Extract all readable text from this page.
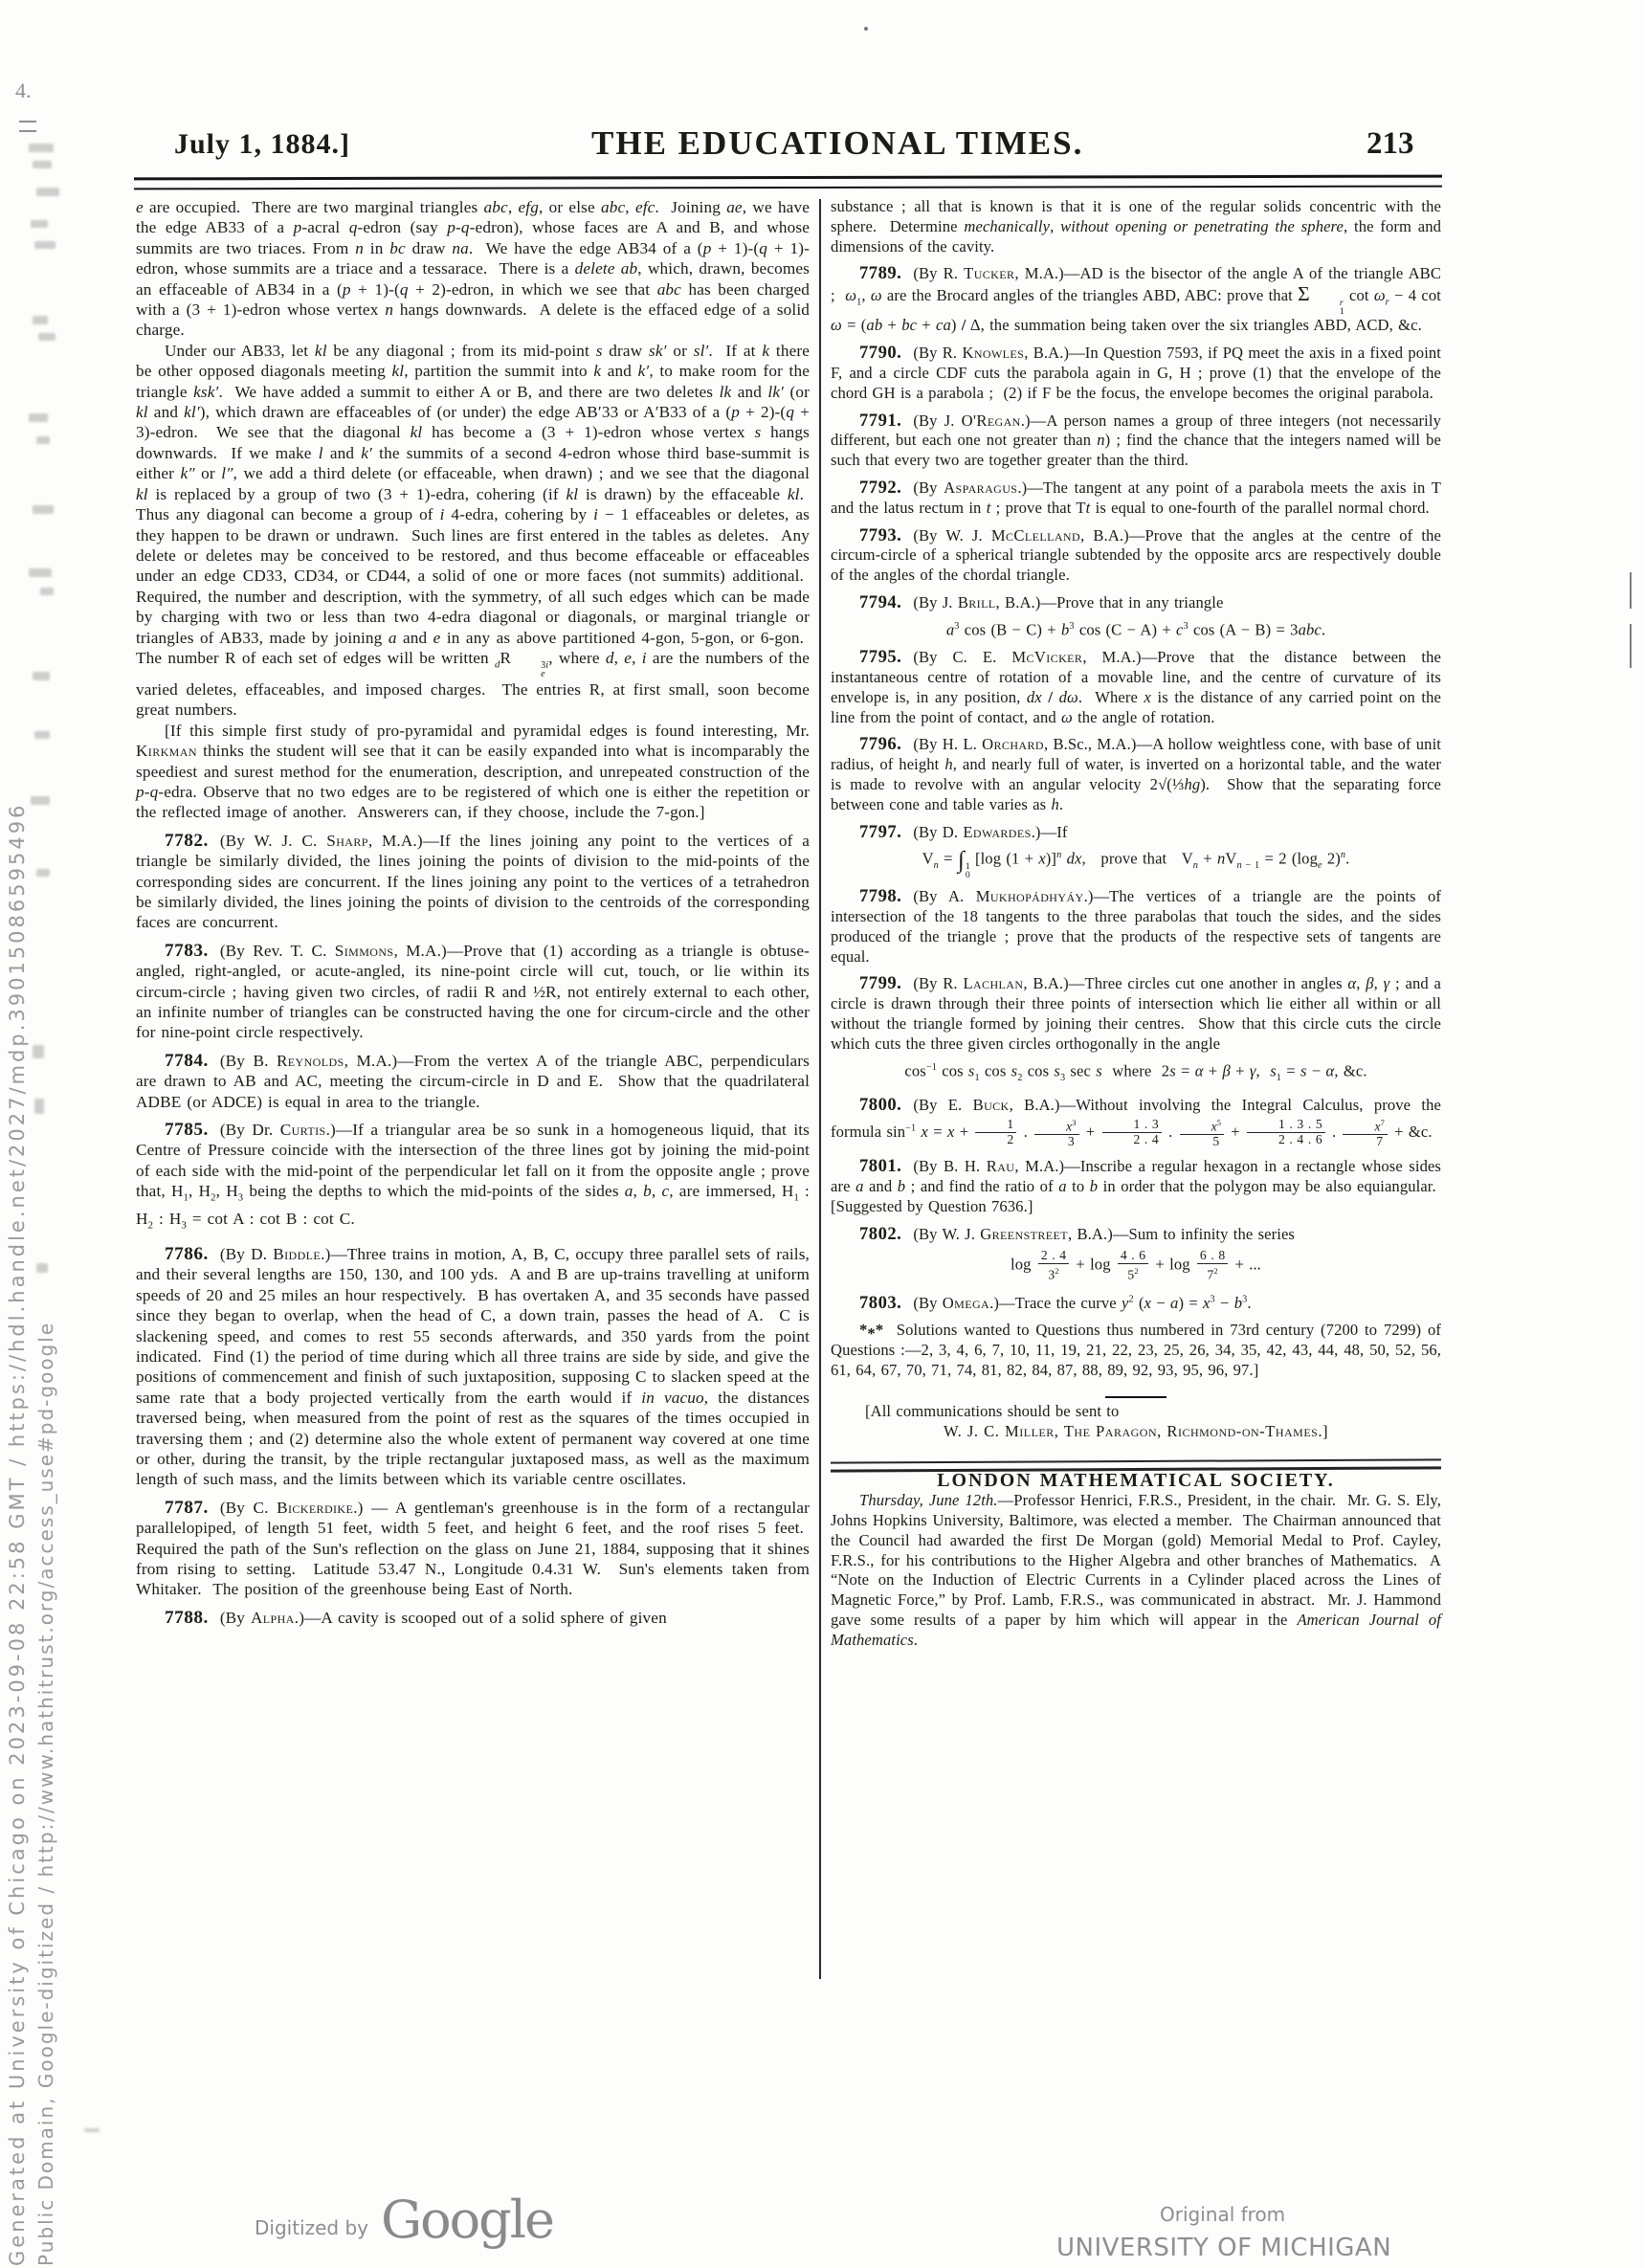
Generated at University of Chicago on 2023-09-08 22:58 GMT / https://hdl.handle.net/2027/mdp.39015086595496 Public Domain, Google-digitized / http://www.hathitrust.org/access_use#pd-google
4.
July 1, 1884.]	THE EDUCATIONAL TIMES.	213

e are occupied.  There are two marginal triangles abc, efg, or else abc, efc.  Joining ae, we have the edge AB33 of a p-acral q-edron (say p-q-edron), whose faces are A and B, and whose summits are two triaces. From n in bc draw na.  We have the edge AB34 of a (p + 1)-(q + 1)-edron, whose summits are a triace and a tessarace.  There is a delete ab, which, drawn, becomes an effaceable of AB34 in a (p + 1)-(q + 2)-edron, in which we see that abc has been charged with a (3 + 1)-edron whose vertex n hangs downwards.  A delete is the effaced edge of a solid charge.

Under our AB33, let kl be any diagonal ; from its mid-point s draw sk′ or sl′.  If at k there be other opposed diagonals meeting kl, partition the summit into k and k′, to make room for the triangle ksk′.  We have added a summit to either A or B, and there are two deletes lk and lk′ (or kl and kl′), which drawn are effaceables of (or under) the edge AB′33 or A′B33 of a (p + 2)-(q + 3)-edron.  We see that the diagonal kl has become a (3 + 1)-edron whose vertex s hangs downwards.  If we make l and k′ the summits of a second 4-edron whose third base-summit is either k″ or l″, we add a third delete (or effaceable, when drawn) ; and we see that the diagonal kl is replaced by a group of two (3 + 1)-edra, cohering (if kl is drawn) by the effaceable kl.  Thus any diagonal can become a group of i 4-edra, cohering by i − 1 effaceables or deletes, as they happen to be drawn or undrawn.  Such lines are first entered in the tables as deletes.  Any delete or deletes may be conceived to be restored, and thus become effaceable or effaceables under an edge CD33, CD34, or CD44, a solid of one or more faces (not summits) additional.  Required, the number and description, with the symmetry, of all such edges which can be made by charging with two or less than two 4-edra diagonal or diagonals, or marginal triangle or triangles of AB33, made by joining a and e in any as above partitioned 4-gon, 5-gon, or 6-gon.  The number R of each set of edges will be written $_d$R	3i
e
, where d, e, i are the numbers of the varied deletes, effaceables, and imposed charges.  The entries R, at first small, soon become great numbers.

[If this simple first study of pro-pyramidal and pyramidal edges is found interesting, Mr. Kirkman thinks the student will see that it can be easily expanded into what is incomparably the speediest and surest method for the enumeration, description, and unrepeated construction of the p-q-edra. Observe that no two edges are to be registered of which one is either the repetition or the reflected image of another.  Answerers can, if they choose, include the 7-gon.]

7782. (By W. J. C. Sharp, M.A.)—If the lines joining any point to the vertices of a triangle be similarly divided, the lines joining the points of division to the mid-points of the corresponding sides are concurrent. If the lines joining any point to the vertices of a tetrahedron be similarly divided, the lines joining the points of division to the centroids of the corresponding faces are concurrent.

7783. (By Rev. T. C. Simmons, M.A.)—Prove that (1) according as a triangle is obtuse-angled, right-angled, or acute-angled, its nine-point circle will cut, touch, or lie within its circum-circle ; having given two circles, of radii R and ½R, not entirely external to each other, an infinite number of triangles can be constructed having the one for circum-circle and the other for nine-point circle respectively.

7784. (By B. Reynolds, M.A.)—From the vertex A of the triangle ABC, perpendiculars are drawn to AB and AC, meeting the circum-circle in D and E.  Show that the quadrilateral ADBE (or ADCE) is equal in area to the triangle.

7785. (By Dr. Curtis.)—If a triangular area be so sunk in a homogeneous liquid, that its Centre of Pressure coincide with the intersection of the three lines got by joining the mid-point of each side with the mid-point of the perpendicular let fall on it from the opposite angle ; prove that, $H_1$, $H_2$, $H_3$ being the depths to which the mid-points of the sides a, b, c, are immersed, $H_1$ : $H_2$ : $H_3 = \cot A$ : cot B : cot C.

7786. (By D. Biddle.)—Three trains in motion, A, B, C, occupy three parallel sets of rails, and their several lengths are 150, 130, and 100 yds.  A and B are up-trains travelling at uniform speeds of 20 and 25 miles an hour respectively.  B has overtaken A, and 35 seconds have passed since they began to overlap, when the head of C, a down train, passes the head of A.  C is slackening speed, and comes to rest 55 seconds afterwards, and 350 yards from the point indicated.  Find (1) the period of time during which all three trains are side by side, and give the positions of commencement and finish of such juxtaposition, supposing C to slacken speed at the same rate that a body projected vertically from the earth would if in vacuo, the distances traversed being, when measured from the point of rest as the squares of the times occupied in traversing them ; and (2) determine also the whole extent of permanent way covered at one time or other, during the transit, by the triple rectangular juxtaposed mass, as well as the maximum length of such mass, and the limits between which its variable centre oscillates.

7787. (By C. Bickerdike.) — A gentleman's greenhouse is in the form of a rectangular parallelopiped, of length 51 feet, width 5 feet, and height 6 feet, and the roof rises 5 feet.  Required the path of the Sun's reflection on the glass on June 21, 1884, supposing that it shines from rising to setting.  Latitude 53.47 N., Longitude 0.4.31 W.  Sun's elements taken from Whitaker.  The position of the greenhouse being East of North.

7788. (By Alpha.)—A cavity is scooped out of a solid sphere of given

substance ; all that is known is that it is one of the regular solids concentric with the sphere.  Determine mechanically, without opening or penetrating the sphere, the form and dimensions of the cavity.

7789. (By R. Tucker, M.A.)—AD is the bisector of the angle A of the triangle ABC ;  $\omega_1$, ω are the Brocard angles of the triangles ABD, ABC: prove that Σ	r
1
$\cot \omega_r - 4$ cot ω = (ab + bc + ca) / Δ, the summation being taken over the six triangles ABD, ACD, &c.

7790. (By R. Knowles, B.A.)—In Question 7593, if PQ meet the axis in a fixed point F, and a circle CDF cuts the parabola again in G, H ; prove (1) that the envelope of the chord GH is a parabola ;  (2) if F be the focus, the envelope becomes the original parabola.

7791. (By J. O'Regan.)—A person names a group of three integers (not necessarily different, but each one not greater than n) ; find the chance that the integers named will be such that every two are together greater than the third.

7792. (By Asparagus.)—The tangent at any point of a parabola meets the axis in T and the latus rectum in t ; prove that Tt is equal to one-fourth of the parallel normal chord.

7793. (By W. J. McClelland, B.A.)—Prove that the angles at the centre of the circum-circle of a spherical triangle subtended by the opposite arcs are respectively double of the angles of the chordal triangle.

7794. (By J. Brill, B.A.)—Prove that in any triangle

$a^3$ $\cos (B - C) + b^3$ $\cos (C - A) + c^3$ cos (A − B) = 3abc.

7795. (By C. E. McVicker, M.A.)—Prove that the distance between the instantaneous centre of rotation of a movable line, and the centre of curvature of its envelope is, in any position, dx / dω.  Where x is the distance of any carried point on the line from the point of contact, and ω the angle of rotation.

7796. (By H. L. Orchard, B.Sc., M.A.)—A hollow weightless cone, with base of unit radius, of height h, and nearly full of water, is inverted on a horizontal table, and the water is made to revolve with an angular velocity 2√(⅓hg).  Show that the separating force between cone and table varies as h.

7797. (By D. Edwardes.)—If

$V_n$ = ∫ 1
0
[log (1 + x)]$^n$ dx,   prove that   $V_n + nV_{n - 1} = 2$ ($\log_e$ 2)$^n$.

7798. (By A. Mukhopádhyáy.)—The vertices of a triangle are the points of intersection of the 18 tangents to the three parabolas that touch the sides, and the sides produced of the triangle ; prove that the products of the respective sets of tangents are equal.

7799. (By R. Lachlan, B.A.)—Three circles cut one another in angles α, β, γ ; and a circle is drawn through their three points of intersection which lie either all within or all without the triangle formed by joining their centres.  Show that this circle cuts the circle which cuts the three given circles orthogonally in the angle

$\cos^{-1} \cos s_1$ $\cos s_2$ $\cos s_3$ sec s  where  2s = α + β + γ,  $s_1 = s - \alpha$, &c.

7800. (By E. Buck, B.A.)—Without involving the Integral Calculus, prove the formula $\sin^{-1} x = x + \frac{1}{2}$ . $\frac{x^3}{3} + \frac{1 . 3}{2 . 4}$ . $\frac{x^5}{5} + \frac{1 . 3 . 5}{2 . 4 . 6}$ . $\frac{x^7}{7}$ + &c.

7801. (By B. H. Rau, M.A.)—Inscribe a regular hexagon in a rectangle whose sides are a and b ; and find the ratio of a to b in order that the polygon may be also equiangular.  [Suggested by Question 7636.]

7802. (By W. J. Greenstreet, B.A.)—Sum to infinity the series

$\log \frac{2 . 4}{3^2} + \log \frac{4 . 6}{5^2} + \log \frac{6 . 8}{7^2}$ + ...

7803. (By Omega.)—Trace the curve $y^2$ $(x - a) = x^3 - b^3$.

***  Solutions wanted to Questions thus numbered in 73rd century (7200 to 7299) of Questions :—2, 3, 4, 6, 7, 10, 11, 19, 21, 22, 23, 25, 26, 34, 35, 42, 43, 44, 48, 50, 52, 56, 61, 64, 67, 70, 71, 74, 81, 82, 84, 87, 88, 89, 92, 93, 95, 96, 97.]

[All communications should be sent to

W. J. C. Miller, The Paragon, Richmond-on-Thames.]

LONDON MATHEMATICAL SOCIETY.

Thursday, June 12th.—Professor Henrici, F.R.S., President, in the chair.  Mr. G. S. Ely, Johns Hopkins University, Baltimore, was elected a member.  The Chairman announced that the Council had awarded the first De Morgan (gold) Memorial Medal to Prof. Cayley, F.R.S., for his contributions to the Higher Algebra and other branches of Mathematics.  A “Note on the Induction of Electric Currents in a Cylinder placed across the Lines of Magnetic Force,” by Prof. Lamb, F.R.S., was communicated in abstract.  Mr. J. Hammond gave some results of a paper by him which will appear in the American Journal of Mathematics.

Digitized by Google	Original from
UNIVERSITY OF MICHIGAN
